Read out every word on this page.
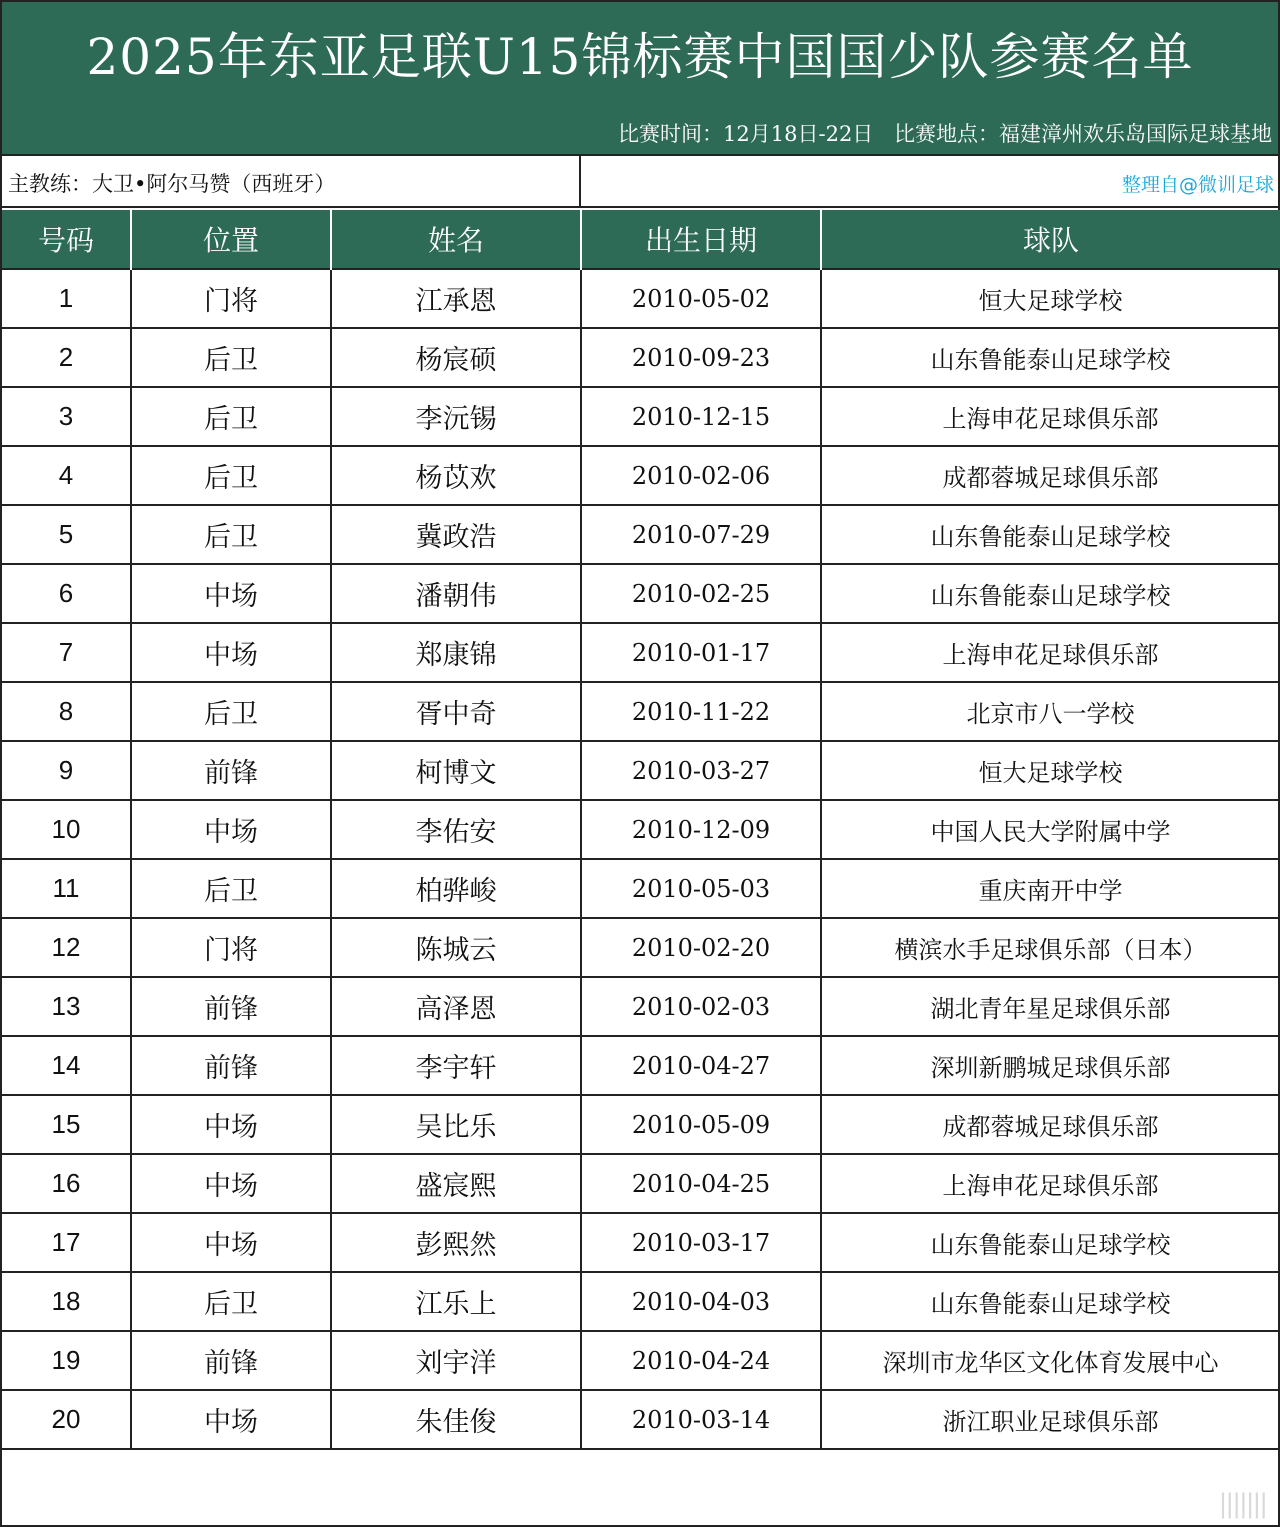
2025年东亚足联U15锦标赛中国国少队参赛名单
比赛时间：12月18日-22日 比赛地点：福建漳州欢乐岛国际足球基地
主教练：大卫•阿尔马赞（西班牙）	整理自@微训足球
号码	位置	姓名	出生日期	球队
1	门将	江承恩	2010-05-02	恒大足球学校
2	后卫	杨宸硕	2010-09-23	山东鲁能泰山足球学校
3	后卫	李沅锡	2010-12-15	上海申花足球俱乐部
4	后卫	杨苡欢	2010-02-06	成都蓉城足球俱乐部
5	后卫	冀政浩	2010-07-29	山东鲁能泰山足球学校
6	中场	潘朝伟	2010-02-25	山东鲁能泰山足球学校
7	中场	郑康锦	2010-01-17	上海申花足球俱乐部
8	后卫	胥中奇	2010-11-22	北京市八一学校
9	前锋	柯博文	2010-03-27	恒大足球学校
10	中场	李佑安	2010-12-09	中国人民大学附属中学
11	后卫	柏骅峻	2010-05-03	重庆南开中学
12	门将	陈城云	2010-02-20	横滨水手足球俱乐部（日本）
13	前锋	高泽恩	2010-02-03	湖北青年星足球俱乐部
14	前锋	李宇轩	2010-04-27	深圳新鹏城足球俱乐部
15	中场	吴比乐	2010-05-09	成都蓉城足球俱乐部
16	中场	盛宸熙	2010-04-25	上海申花足球俱乐部
17	中场	彭熙然	2010-03-17	山东鲁能泰山足球学校
18	后卫	江乐上	2010-04-03	山东鲁能泰山足球学校
19	前锋	刘宇洋	2010-04-24	深圳市龙华区文化体育发展中心
20	中场	朱佳俊	2010-03-14	浙江职业足球俱乐部
|||||||
